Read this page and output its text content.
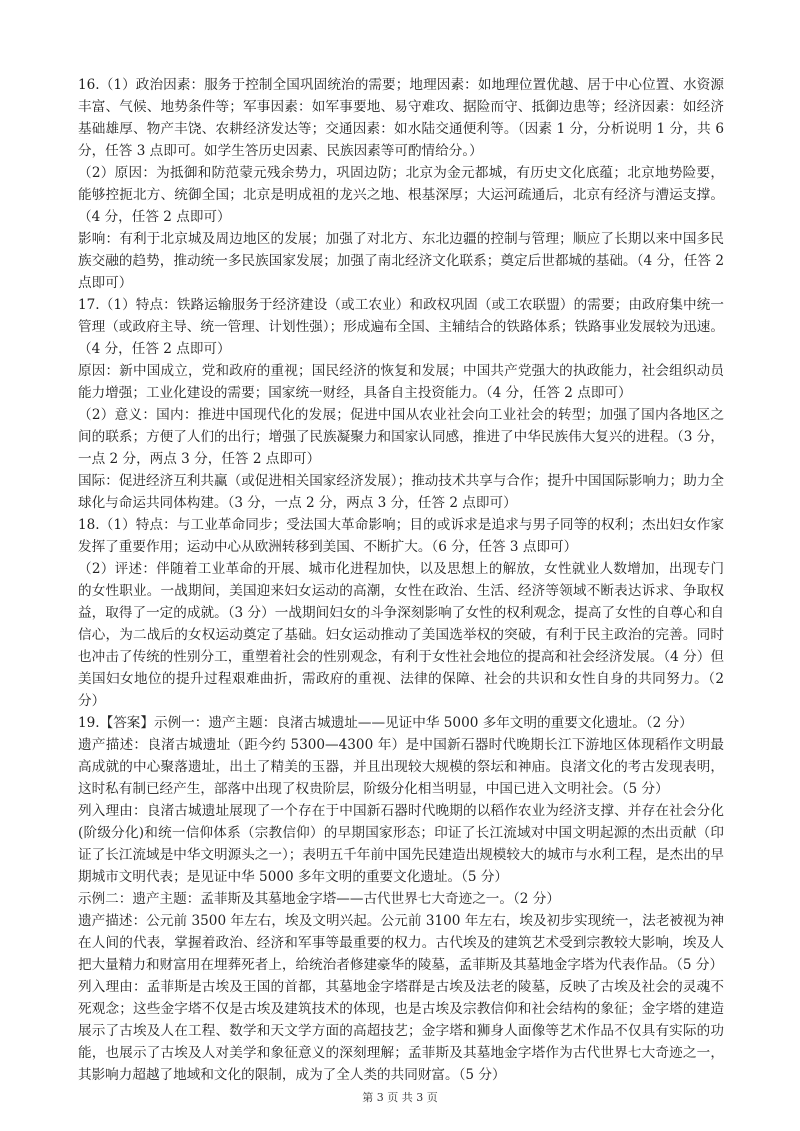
16.（1）政治因素：服务于控制全国巩固统治的需要；地理因素：如地理位置优越、居于中心位置、水资源丰富、气候、地势条件等；军事因素：如军事要地、易守难攻、据险而守、抵御边患等；经济因素：如经济基础雄厚、物产丰饶、农耕经济发达等；交通因素：如水陆交通便利等。（因素 1 分，分析说明 1 分，共 6 分，任答 3 点即可。如学生答历史因素、民族因素等可酌情给分。）

（2）原因：为抵御和防范蒙元残余势力，巩固边防；北京为金元都城，有历史文化底蕴；北京地势险要，能够控扼北方、统御全国；北京是明成祖的龙兴之地、根基深厚；大运河疏通后，北京有经济与漕运支撑。（4 分，任答 2 点即可）

影响：有利于北京城及周边地区的发展；加强了对北方、东北边疆的控制与管理；顺应了长期以来中国多民族交融的趋势，推动统一多民族国家发展；加强了南北经济文化联系；奠定后世都城的基础。（4 分，任答 2 点即可）

17.（1）特点：铁路运输服务于经济建设（或工农业）和政权巩固（或工农联盟）的需要；由政府集中统一管理（或政府主导、统一管理、计划性强）；形成遍布全国、主辅结合的铁路体系；铁路事业发展较为迅速。（4 分，任答 2 点即可）

原因：新中国成立，党和政府的重视；国民经济的恢复和发展；中国共产党强大的执政能力，社会组织动员能力增强；工业化建设的需要；国家统一财经，具备自主投资能力。（4 分，任答 2 点即可）

（2）意义：国内：推进中国现代化的发展；促进中国从农业社会向工业社会的转型；加强了国内各地区之间的联系；方便了人们的出行；增强了民族凝聚力和国家认同感，推进了中华民族伟大复兴的进程。（3 分，一点 2 分，两点 3 分，任答 2 点即可）

国际：促进经济互利共赢（或促进相关国家经济发展）；推动技术共享与合作；提升中国国际影响力；助力全球化与命运共同体构建。（3 分，一点 2 分，两点 3 分，任答 2 点即可）

18.（1）特点：与工业革命同步；受法国大革命影响；目的或诉求是追求与男子同等的权利；杰出妇女作家发挥了重要作用；运动中心从欧洲转移到美国、不断扩大。（6 分，任答 3 点即可）

（2）评述：伴随着工业革命的开展、城市化进程加快，以及思想上的解放，女性就业人数增加，出现专门的女性职业。一战期间，美国迎来妇女运动的高潮，女性在政治、生活、经济等领域不断表达诉求、争取权益，取得了一定的成就。（3 分）一战期间妇女的斗争深刻影响了女性的权利观念，提高了女性的自尊心和自信心，为二战后的女权运动奠定了基础。妇女运动推动了美国选举权的突破，有利于民主政治的完善。同时也冲击了传统的性别分工，重塑着社会的性别观念，有利于女性社会地位的提高和社会经济发展。（4 分）但美国妇女地位的提升过程艰难曲折，需政府的重视、法律的保障、社会的共识和女性自身的共同努力。（2 分）

19.【答案】示例一：遗产主题：良渚古城遗址——见证中华 5000 多年文明的重要文化遗址。（2 分）

遗产描述：良渚古城遗址（距今约 5300—4300 年）是中国新石器时代晚期长江下游地区体现稻作文明最高成就的中心聚落遗址，出土了精美的玉器，并且出现较大规模的祭坛和神庙。良渚文化的考古发现表明，这时私有制已经产生，部落中出现了权贵阶层，阶级分化相当明显，中国已进入文明社会。（5 分）

列入理由：良渚古城遗址展现了一个存在于中国新石器时代晚期的以稻作农业为经济支撑、并存在社会分化(阶级分化)和统一信仰体系（宗教信仰）的早期国家形态；印证了长江流域对中国文明起源的杰出贡献（印证了长江流域是中华文明源头之一）；表明五千年前中国先民建造出规模较大的城市与水利工程，是杰出的早期城市文明代表；是见证中华 5000 多年文明的重要文化遗址。（5 分）

示例二：遗产主题：孟菲斯及其墓地金字塔——古代世界七大奇迹之一。（2 分）

遗产描述：公元前 3500 年左右，埃及文明兴起。公元前 3100 年左右，埃及初步实现统一，法老被视为神在人间的代表，掌握着政治、经济和军事等最重要的权力。古代埃及的建筑艺术受到宗教较大影响，埃及人把大量精力和财富用在埋葬死者上，给统治者修建豪华的陵墓，孟菲斯及其墓地金字塔为代表作品。（5 分）

列入理由：孟菲斯是古埃及王国的首都，其墓地金字塔群是古埃及法老的陵墓，反映了古埃及社会的灵魂不死观念；这些金字塔不仅是古埃及建筑技术的体现，也是古埃及宗教信仰和社会结构的象征；金字塔的建造展示了古埃及人在工程、数学和天文学方面的高超技艺；金字塔和狮身人面像等艺术作品不仅具有实际的功能，也展示了古埃及人对美学和象征意义的深刻理解；孟菲斯及其墓地金字塔作为古代世界七大奇迹之一，其影响力超越了地域和文化的限制，成为了全人类的共同财富。（5 分）

第 3 页 共 3 页
